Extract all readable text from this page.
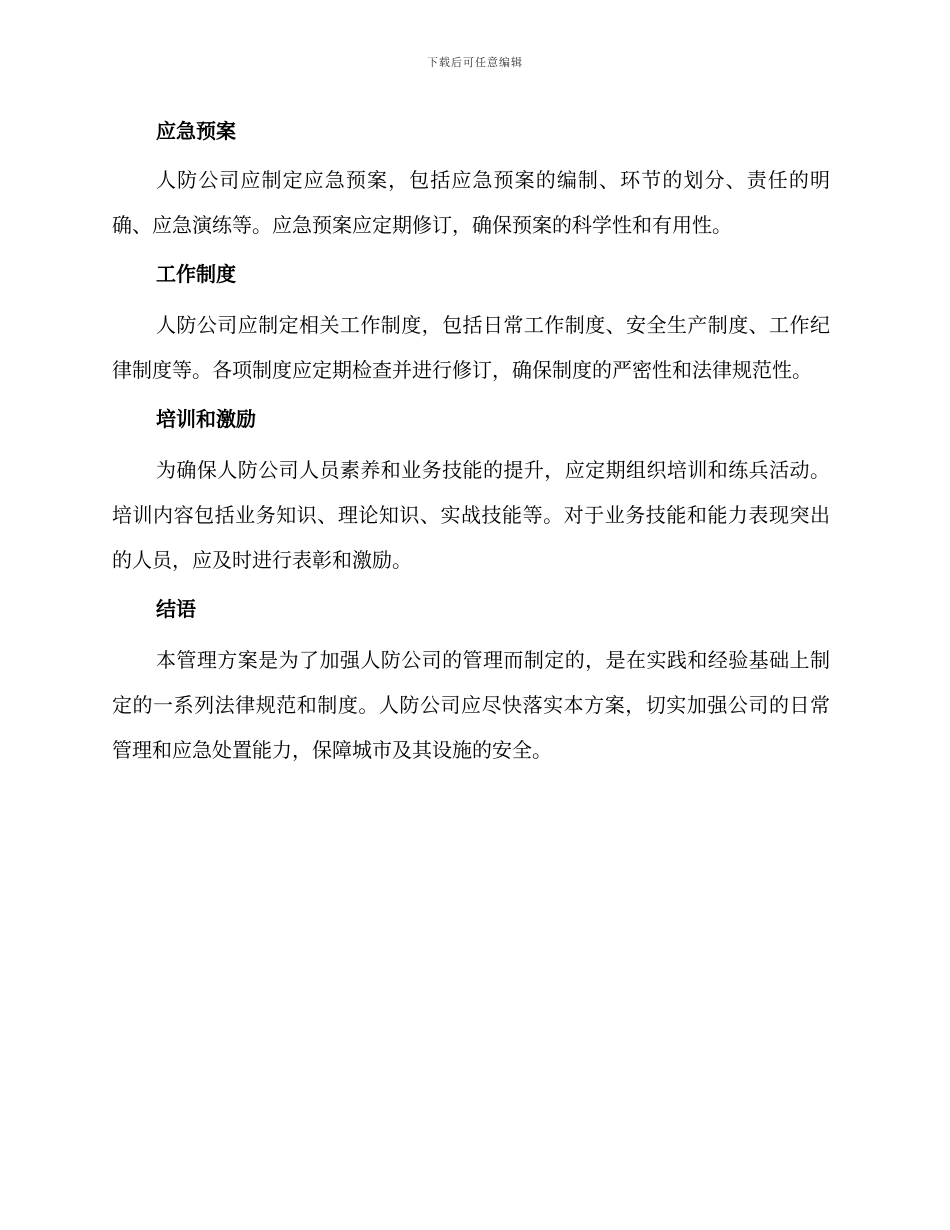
下载后可任意编辑
应急预案

人防公司应制定应急预案，包括应急预案的编制、环节的划分、责任的明确、应急演练等。应急预案应定期修订，确保预案的科学性和有用性。

工作制度

人防公司应制定相关工作制度，包括日常工作制度、安全生产制度、工作纪律制度等。各项制度应定期检查并进行修订，确保制度的严密性和法律规范性。

培训和激励

为确保人防公司人员素养和业务技能的提升，应定期组织培训和练兵活动。培训内容包括业务知识、理论知识、实战技能等。对于业务技能和能力表现突出的人员，应及时进行表彰和激励。

结语

本管理方案是为了加强人防公司的管理而制定的，是在实践和经验基础上制定的一系列法律规范和制度。人防公司应尽快落实本方案，切实加强公司的日常管理和应急处置能力，保障城市及其设施的安全。
